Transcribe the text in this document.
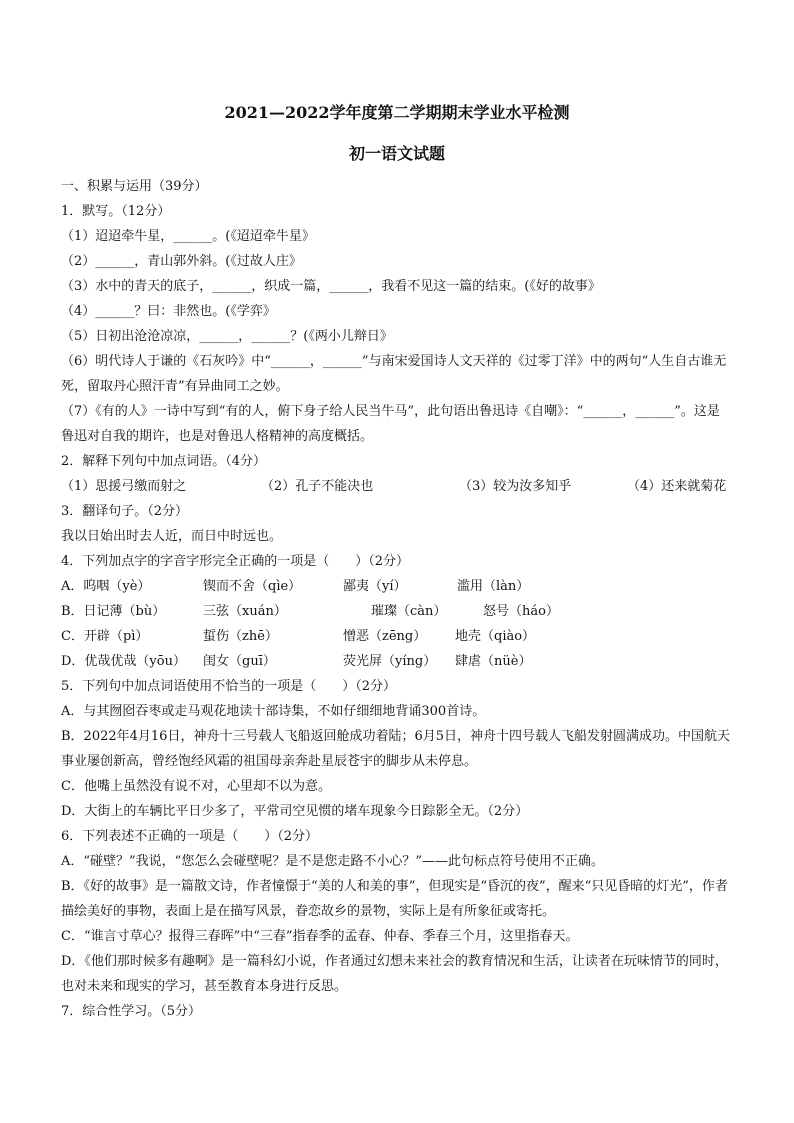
2021—2022学年度第二学期期末学业水平检测
初一语文试题
一、积累与运用（39分）
1．默写。（12分）
（1）迢迢牵牛星，______。(《迢迢牵牛星》
（2）______，青山郭外斜。(《过故人庄》
（3）水中的青天的底子，______，织成一篇，______，我看不见这一篇的结束。(《好的故事》
（4）______？曰：非然也。(《学弈》
（5）日初出沧沧凉凉，______，______？(《两小儿辩日》
（6）明代诗人于谦的《石灰吟》中“______，______”与南宋爱国诗人文天祥的《过零丁洋》中的两句“人生自古谁无死，留取丹心照汗青”有异曲同工之妙。
（7）《有的人》一诗中写到“有的人，俯下身子给人民当牛马”，此句语出鲁迅诗《自嘲》：“______，______”。这是鲁迅对自我的期许，也是对鲁迅人格精神的高度概括。
2．解释下列句中加点词语。（4分）
（1）思援弓缴而射之	（2）孔子不能决也	（3）较为汝多知乎	（4）还来就菊花
3．翻译句子。（2分）
我以日始出时去人近，而日中时远也。
4．下列加点字的字音字形完全正确的一项是（　　）（2分）
A．呜咽（yè）	锲而不舍（qìe）	鄙夷（yí）	滥用（làn）
B．日记薄（bù）	三弦（xuán）	璀璨（càn）	怒号（háo）
C．开辟（pì）	蜇伤（zhē）	憎恶（zēng）	地壳（qiào）
D．优哉优哉（yōu）	闺女（guī）	荧光屏（yíng）	肆虐（nüè）
5．下列句中加点词语使用不恰当的一项是（　　）（2分）
A．与其囫囵吞枣或走马观花地读十部诗集，不如仔细细地背诵300首诗。
B．2022年4月16日，神舟十三号载人飞船返回舱成功着陆；6月5日，神舟十四号载人飞船发射圆满成功。中国航天事业屡创新高，曾经饱经风霜的祖国母亲奔赴星辰苍宇的脚步从未停息。
C．他嘴上虽然没有说不对，心里却不以为意。
D．大街上的车辆比平日少多了，平常司空见惯的堵车现象今日踪影全无。（2分）
6．下列表述不正确的一项是（　　）（2分）
A．“碰壁？”我说，“您怎么会碰壁呢？是不是您走路不小心？”——此句标点符号使用不正确。
B．《好的故事》是一篇散文诗，作者憧憬于“美的人和美的事”，但现实是“昏沉的夜”，醒来“只见昏暗的灯光”，作者描绘美好的事物，表面上是在描写风景，眷恋故乡的景物，实际上是有所象征或寄托。
C．“谁言寸草心？报得三春晖”中“三春”指春季的孟春、仲春、季春三个月，这里指春天。
D．《他们那时候多有趣啊》是一篇科幻小说，作者通过幻想未来社会的教育情况和生活，让读者在玩味情节的同时，也对未来和现实的学习，甚至教育本身进行反思。
7．综合性学习。（5分）
